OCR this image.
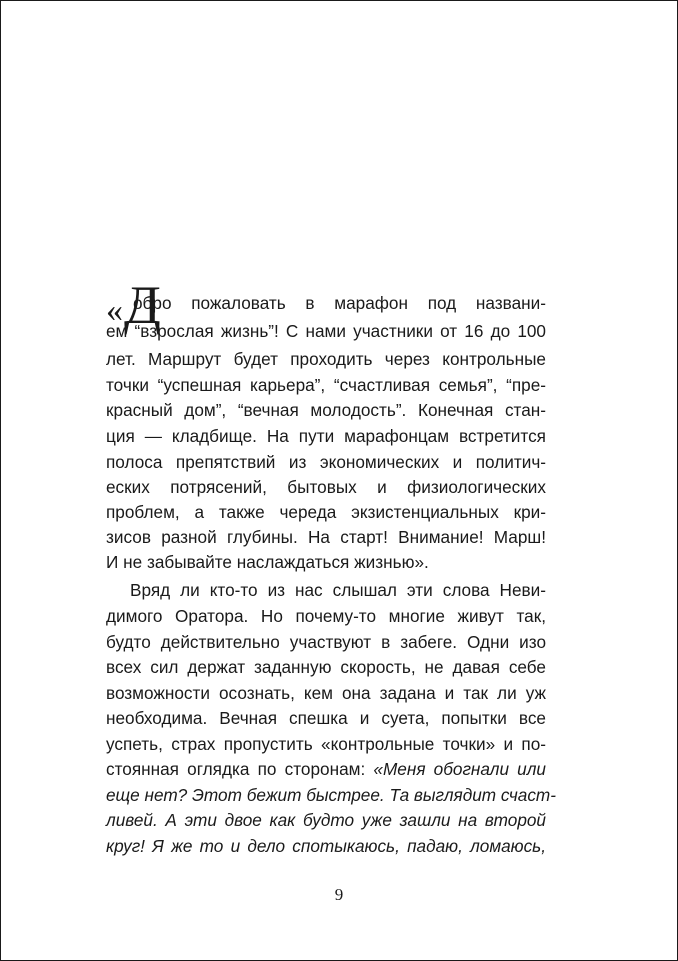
« Д
обро пожаловать в марафон под названи-
ем “взрослая жизнь”! С нами участники от 16 до 100
лет. Маршрут будет проходить через контрольные
точки “успешная карьера”, “счастливая семья”, “пре-
красный дом”, “вечная молодость”. Конечная стан-
ция — кладбище. На пути марафонцам встретится
полоса препятствий из экономических и политич-
еских потрясений, бытовых и физиологических
проблем, а также череда экзистенциальных кри-
зисов разной глубины. На старт! Внимание! Марш!
И не забывайте наслаждаться жизнью».
Вряд ли кто-то из нас слышал эти слова Неви-
димого Оратора. Но почему-то многие живут так,
будто действительно участвуют в забеге. Одни изо
всех сил держат заданную скорость, не давая себе
возможности осознать, кем она задана и так ли уж
необходима. Вечная спешка и суета, попытки все
успеть, страх пропустить «контрольные точки» и по-
стоянная оглядка по сторонам: «Меня обогнали или
еще нет? Этот бежит быстрее. Та выглядит счаст-
ливей. А эти двое как будто уже зашли на второй
круг! Я же то и дело спотыкаюсь, падаю, ломаюсь,
9
